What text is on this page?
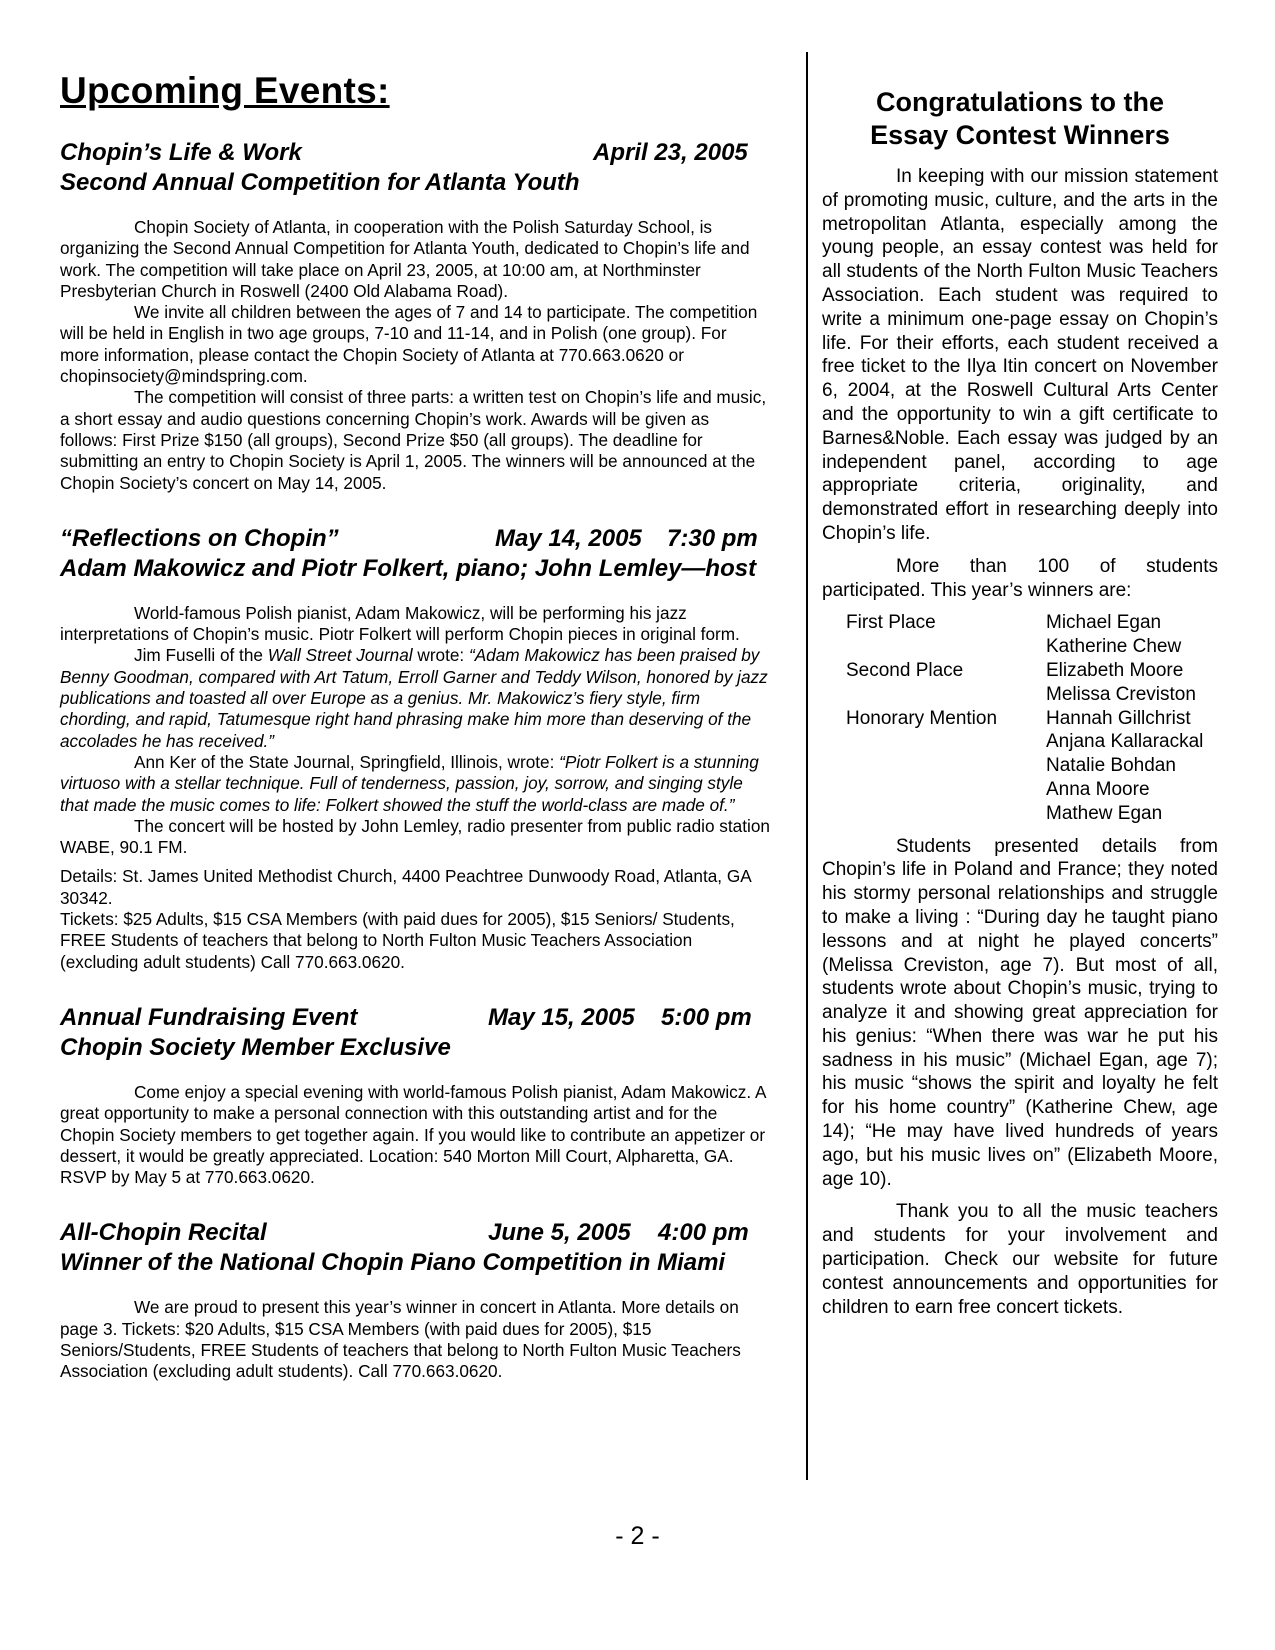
Upcoming Events:
Chopin’s Life & Work	April 23, 2005
Second Annual Competition for Atlanta Youth

Chopin Society of Atlanta, in cooperation with the Polish Saturday School, is organizing the Second Annual Competition for Atlanta Youth, dedicated to Chopin’s life and work. The competition will take place on April 23, 2005, at 10:00 am, at Northminster Presbyterian Church in Roswell (2400 Old Alabama Road).

We invite all children between the ages of 7 and 14 to participate. The competition will be held in English in two age groups, 7-10 and 11-14, and in Polish (one group). For more information, please contact the Chopin Society of Atlanta at 770.663.0620 or chopinsociety@mindspring.com.

The competition will consist of three parts: a written test on Chopin’s life and music, a short essay and audio questions concerning Chopin’s work. Awards will be given as follows: First Prize $150 (all groups), Second Prize $50 (all groups). The deadline for submitting an entry to Chopin Society is April 1, 2005. The winners will be announced at the Chopin Society’s concert on May 14, 2005.

“Reflections on Chopin”	May 14, 2005 7:30 pm
Adam Makowicz and Piotr Folkert, piano; John Lemley—host

World-famous Polish pianist, Adam Makowicz, will be performing his jazz interpretations of Chopin’s music. Piotr Folkert will perform Chopin pieces in original form.

Jim Fuselli of the Wall Street Journal wrote: “Adam Makowicz has been praised by Benny Goodman, compared with Art Tatum, Erroll Garner and Teddy Wilson, honored by jazz publications and toasted all over Europe as a genius. Mr. Makowicz’s fiery style, firm chording, and rapid, Tatumesque right hand phrasing make him more than deserving of the accolades he has received.”

Ann Ker of the State Journal, Springfield, Illinois, wrote: “Piotr Folkert is a stunning virtuoso with a stellar technique. Full of tenderness, passion, joy, sorrow, and singing style that made the music comes to life: Folkert showed the stuff the world-class are made of.”

The concert will be hosted by John Lemley, radio presenter from public radio station WABE, 90.1 FM.

Details: St. James United Methodist Church, 4400 Peachtree Dunwoody Road, Atlanta, GA 30342.

Tickets: $25 Adults, $15 CSA Members (with paid dues for 2005), $15 Seniors/ Students, FREE Students of teachers that belong to North Fulton Music Teachers Association (excluding adult students) Call 770.663.0620.

Annual Fundraising Event	May 15, 2005 5:00 pm
Chopin Society Member Exclusive

Come enjoy a special evening with world-famous Polish pianist, Adam Makowicz. A great opportunity to make a personal connection with this outstanding artist and for the Chopin Society members to get together again. If you would like to contribute an appetizer or dessert, it would be greatly appreciated. Location: 540 Morton Mill Court, Alpharetta, GA. RSVP by May 5 at 770.663.0620.

All-Chopin Recital	June 5, 2005 4:00 pm
Winner of the National Chopin Piano Competition in Miami

We are proud to present this year’s winner in concert in Atlanta. More details on page 3. Tickets: $20 Adults, $15 CSA Members (with paid dues for 2005), $15 Seniors/Students, FREE Students of teachers that belong to North Fulton Music Teachers Association (excluding adult students). Call 770.663.0620.

Congratulations to the
Essay Contest Winners

In keeping with our mission statement of promoting music, culture, and the arts in the metropolitan Atlanta, especially among the young people, an essay contest was held for all students of the North Fulton Music Teachers Association. Each student was required to write a minimum one-page essay on Chopin’s life. For their efforts, each student received a free ticket to the Ilya Itin concert on November 6, 2004, at the Roswell Cultural Arts Center and the opportunity to win a gift certificate to Barnes&Noble. Each essay was judged by an independent panel, according to age appropriate criteria, originality, and demonstrated effort in researching deeply into Chopin’s life.

More than 100 of students participated. This year’s winners are:

First Place	Michael Egan
Katherine Chew
Second Place	Elizabeth Moore
Melissa Creviston
Honorary Mention	Hannah Gillchrist
Anjana Kallarackal
Natalie Bohdan
Anna Moore
Mathew Egan

Students presented details from Chopin’s life in Poland and France; they noted his stormy personal relationships and struggle to make a living : “During day he taught piano lessons and at night he played concerts” (Melissa Creviston, age 7). But most of all, students wrote about Chopin’s music, trying to analyze it and showing great appreciation for his genius: “When there was war he put his sadness in his music” (Michael Egan, age 7); his music “shows the spirit and loyalty he felt for his home country” (Katherine Chew, age 14); “He may have lived hundreds of years ago, but his music lives on” (Elizabeth Moore, age 10).

Thank you to all the music teachers and students for your involvement and participation. Check our website for future contest announcements and opportunities for children to earn free concert tickets.

- 2 -
